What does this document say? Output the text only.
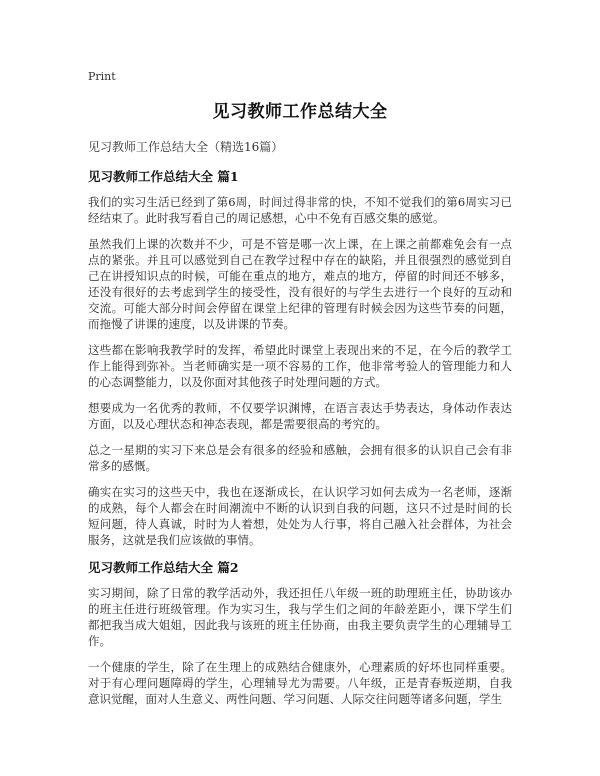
Print
见习教师工作总结大全
见习教师工作总结大全（精选16篇）
见习教师工作总结大全 篇1

我们的实习生活已经到了第6周，时间过得非常的快，不知不觉我们的第6周实习已经结束了。此时我写看自己的周记感想，心中不免有百感交集的感觉。

虽然我们上课的次数并不少，可是不管是哪一次上课，在上课之前都难免会有一点点的紧张。并且可以感觉到自己在教学过程中存在的缺陷，并且很强烈的感觉到自己在讲授知识点的时候，可能在重点的地方，难点的地方，停留的时间还不够多，还没有很好的去考虑到学生的接受性，没有很好的与学生去进行一个良好的互动和交流。可能大部分时间会停留在课堂上纪律的管理有时候会因为这些节奏的问题，而拖慢了讲课的速度，以及讲课的节奏。

这些都在影响我教学时的发挥，希望此时课堂上表现出来的不足，在今后的教学工作上能得到弥补。当老师确实是一项不容易的工作，他非常考验人的管理能力和人的心态调整能力，以及你面对其他孩子时处理问题的方式。

想要成为一名优秀的教师，不仅要学识渊博，在语言表达手势表达，身体动作表达方面，以及心理状态和神态表现，都是需要很高的考究的。

总之一星期的实习下来总是会有很多的经验和感触，会拥有很多的认识自己会有非常多的感慨。

确实在实习的这些天中，我也在逐渐成长，在认识学习如何去成为一名老师，逐渐的成熟，每个人都会在时间潮流中不断的认识到自我的问题，这只不过是时间的长短问题，待人真诚，时时为人着想，处处为人行事，将自己融入社会群体，为社会服务，这就是我们应该做的事情。

见习教师工作总结大全 篇2

实习期间，除了日常的教学活动外，我还担任八年级一班的助理班主任，协助该办的班主任进行班级管理。作为实习生，我与学生们之间的年龄差距小，课下学生们都把我当成大姐姐，因此我与该班的班主任协商，由我主要负责学生的心理辅导工作。

一个健康的学生，除了在生理上的成熟结合健康外，心理素质的好坏也同样重要。对于有心理问题障碍的学生，心理辅导尤为需要。八年级，正是青春叛逆期，自我意识觉醒，面对人生意义、两性问题、学习问题、人际交往问题等诸多问题，学生
